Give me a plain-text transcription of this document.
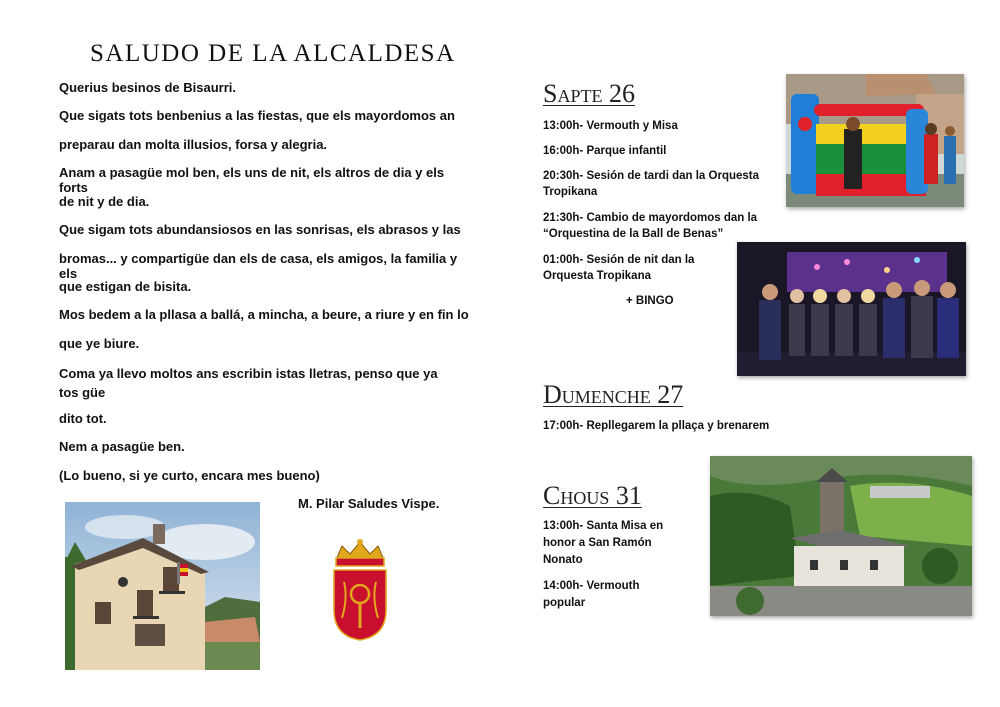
SALUDO DE LA ALCALDESA

Querius besinos de Bisaurri.

Que sigats tots benbenius a las fiestas, que els mayordomos an

preparau dan molta illusios, forsa y alegria.

Anam a pasagüe mol ben, els uns de nit, els altros de dia y els forts

de nit y de dia.

Que sigam tots abundansiosos en las sonrisas, els abrasos y las

bromas... y compartigüe dan els de casa, els amigos, la familia y els

que estigan de bisita.

Mos bedem a la pllasa a ballá, a mincha, a beure, a riure y en fin lo

que ye biure.

Coma ya llevo moltos ans escribin istas lletras, penso que ya tos güe

dito tot.

Nem a pasagüe ben.

(Lo bueno, si ye curto, encara mes bueno)

M. Pilar Saludes Vispe.
Sapte 26

13:00h- Vermouth y Misa

16:00h- Parque infantil

20:30h- Sesión de tardi dan la Orquesta Tropikana

21:30h- Cambio de mayordomos dan la “Orquestina de la Ball de Benas”

01:00h- Sesión de nit dan la Orquesta Tropikana

+ BINGO

Dumenche 27

17:00h- Repllegarem la pllaça y brenarem

Chous 31

13:00h- Santa Misa en honor a San Ramón Nonato

14:00h- Vermouth popular
